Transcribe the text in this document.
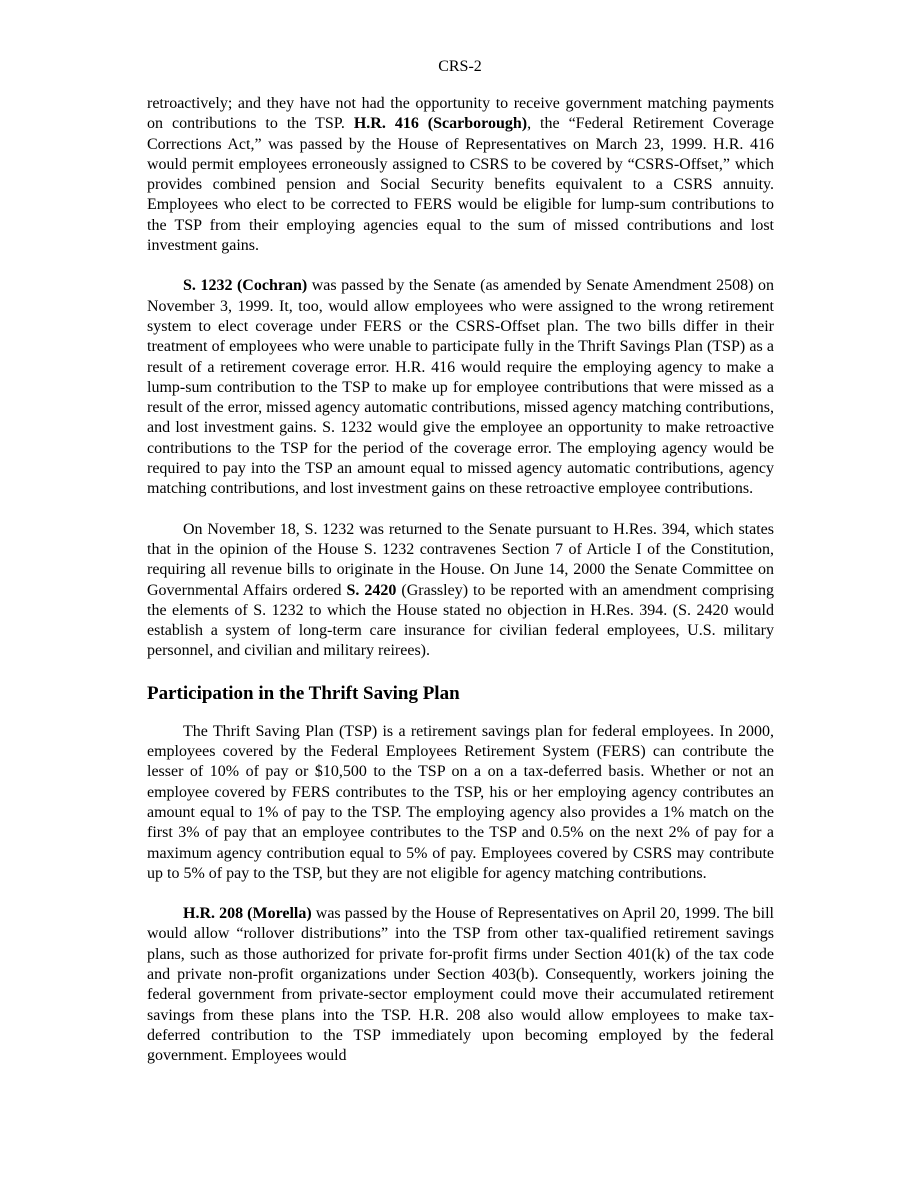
CRS-2

retroactively; and they have not had the opportunity to receive government matching payments on contributions to the TSP. H.R. 416 (Scarborough), the “Federal Retirement Coverage Corrections Act,” was passed by the House of Representatives on March 23, 1999. H.R. 416 would permit employees erroneously assigned to CSRS to be covered by “CSRS-Offset,” which provides combined pension and Social Security benefits equivalent to a CSRS annuity. Employees who elect to be corrected to FERS would be eligible for lump-sum contributions to the TSP from their employing agencies equal to the sum of missed contributions and lost investment gains.

S. 1232 (Cochran) was passed by the Senate (as amended by Senate Amendment 2508) on November 3, 1999. It, too, would allow employees who were assigned to the wrong retirement system to elect coverage under FERS or the CSRS-Offset plan. The two bills differ in their treatment of employees who were unable to participate fully in the Thrift Savings Plan (TSP) as a result of a retirement coverage error. H.R. 416 would require the employing agency to make a lump-sum contribution to the TSP to make up for employee contributions that were missed as a result of the error, missed agency automatic contributions, missed agency matching contributions, and lost investment gains. S. 1232 would give the employee an opportunity to make retroactive contributions to the TSP for the period of the coverage error. The employing agency would be required to pay into the TSP an amount equal to missed agency automatic contributions, agency matching contributions, and lost investment gains on these retroactive employee contributions.

On November 18, S. 1232 was returned to the Senate pursuant to H.Res. 394, which states that in the opinion of the House S. 1232 contravenes Section 7 of Article I of the Constitution, requiring all revenue bills to originate in the House. On June 14, 2000 the Senate Committee on Governmental Affairs ordered S. 2420 (Grassley) to be reported with an amendment comprising the elements of S. 1232 to which the House stated no objection in H.Res. 394. (S. 2420 would establish a system of long-term care insurance for civilian federal employees, U.S. military personnel, and civilian and military reirees).

Participation in the Thrift Saving Plan

The Thrift Saving Plan (TSP) is a retirement savings plan for federal employees. In 2000, employees covered by the Federal Employees Retirement System (FERS) can contribute the lesser of 10% of pay or $10,500 to the TSP on a on a tax-deferred basis. Whether or not an employee covered by FERS contributes to the TSP, his or her employing agency contributes an amount equal to 1% of pay to the TSP. The employing agency also provides a 1% match on the first 3% of pay that an employee contributes to the TSP and 0.5% on the next 2% of pay for a maximum agency contribution equal to 5% of pay. Employees covered by CSRS may contribute up to 5% of pay to the TSP, but they are not eligible for agency matching contributions.

H.R. 208 (Morella) was passed by the House of Representatives on April 20, 1999. The bill would allow “rollover distributions” into the TSP from other tax-qualified retirement savings plans, such as those authorized for private for-profit firms under Section 401(k) of the tax code and private non-profit organizations under Section 403(b). Consequently, workers joining the federal government from private-sector employment could move their accumulated retirement savings from these plans into the TSP. H.R. 208 also would allow employees to make tax-deferred contribution to the TSP immediately upon becoming employed by the federal government. Employees would
